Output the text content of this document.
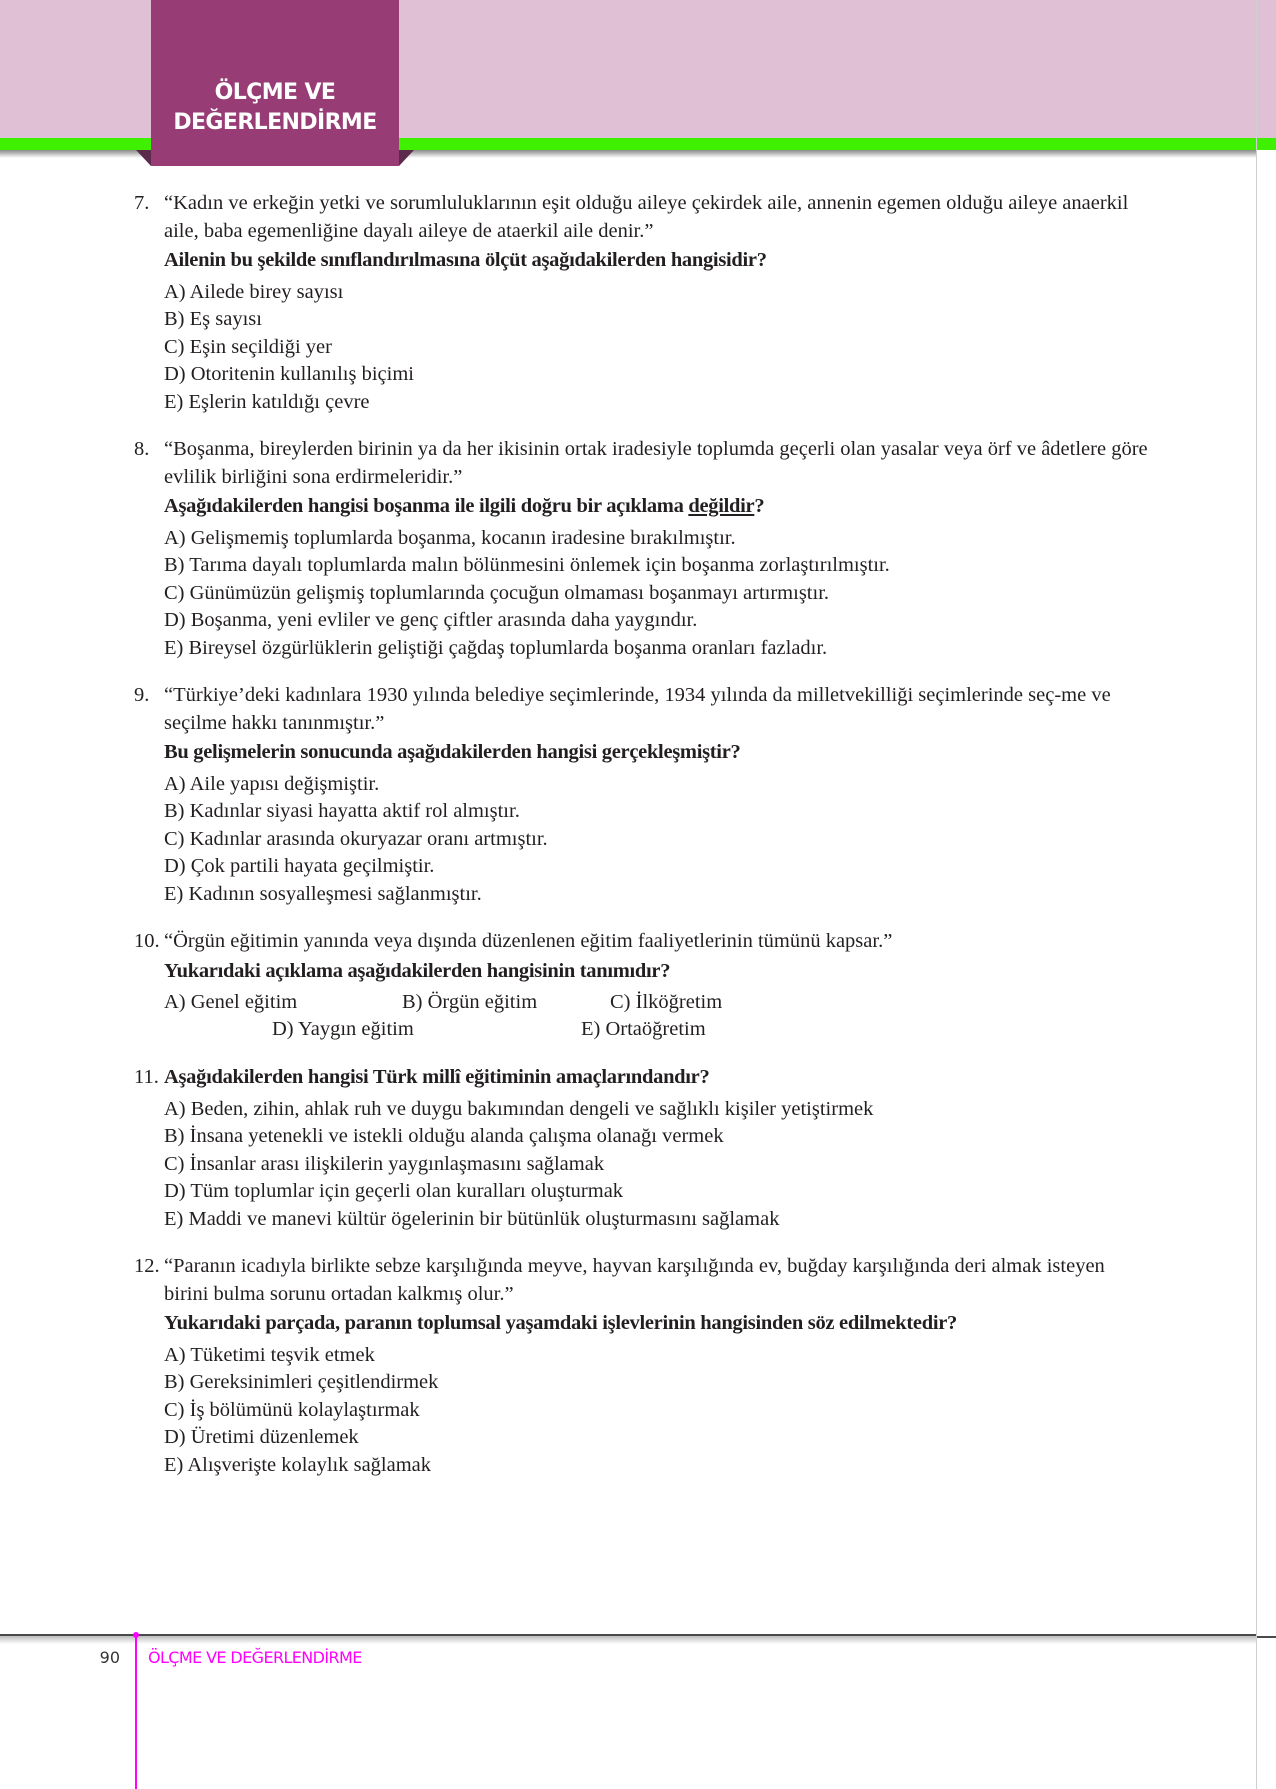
ÖLÇME VE
DEĞERLENDİRME
7. “Kadın ve erkeğin yetki ve sorumluluklarının eşit olduğu aileye çekirdek aile, annenin egemen olduğu aileye anaerkil aile, baba egemenliğine dayalı aileye de ataerkil aile denir.”
Ailenin bu şekilde sınıflandırılmasına ölçüt aşağıdakilerden hangisidir?
A) Ailede birey sayısı
B) Eş sayısı
C) Eşin seçildiği yer
D) Otoritenin kullanılış biçimi
E) Eşlerin katıldığı çevre
8. “Boşanma, bireylerden birinin ya da her ikisinin ortak iradesiyle toplumda geçerli olan yasalar veya örf ve âdetlere göre evlilik birliğini sona erdirmeleridir.”
Aşağıdakilerden hangisi boşanma ile ilgili doğru bir açıklama değildir?
A) Gelişmemiş toplumlarda boşanma, kocanın iradesine bırakılmıştır.
B) Tarıma dayalı toplumlarda malın bölünmesini önlemek için boşanma zorlaştırılmıştır.
C) Günümüzün gelişmiş toplumlarında çocuğun olmaması boşanmayı artırmıştır.
D) Boşanma, yeni evliler ve genç çiftler arasında daha yaygındır.
E) Bireysel özgürlüklerin geliştiği çağdaş toplumlarda boşanma oranları fazladır.
9. “Türkiye’deki kadınlara 1930 yılında belediye seçimlerinde, 1934 yılında da milletvekilliği seçimlerinde seç-me ve seçilme hakkı tanınmıştır.”
Bu gelişmelerin sonucunda aşağıdakilerden hangisi gerçekleşmiştir?
A) Aile yapısı değişmiştir.
B) Kadınlar siyasi hayatta aktif rol almıştır.
C) Kadınlar arasında okuryazar oranı artmıştır.
D) Çok partili hayata geçilmiştir.
E) Kadının sosyalleşmesi sağlanmıştır.
10. “Örgün eğitimin yanında veya dışında düzenlenen eğitim faaliyetlerinin tümünü kapsar.”
Yukarıdaki açıklama aşağıdakilerden hangisinin tanımıdır?
A) Genel eğitim	B) Örgün eğitim	C) İlköğretim
D) Yaygın eğitim	E) Ortaöğretim
11. Aşağıdakilerden hangisi Türk millî eğitiminin amaçlarındandır?
A) Beden, zihin, ahlak ruh ve duygu bakımından dengeli ve sağlıklı kişiler yetiştirmek
B) İnsana yetenekli ve istekli olduğu alanda çalışma olanağı vermek
C) İnsanlar arası ilişkilerin yaygınlaşmasını sağlamak
D) Tüm toplumlar için geçerli olan kuralları oluşturmak
E) Maddi ve manevi kültür ögelerinin bir bütünlük oluşturmasını sağlamak
12. “Paranın icadıyla birlikte sebze karşılığında meyve, hayvan karşılığında ev, buğday karşılığında deri almak isteyen birini bulma sorunu ortadan kalkmış olur.”
Yukarıdaki parçada, paranın toplumsal yaşamdaki işlevlerinin hangisinden söz edilmektedir?
A) Tüketimi teşvik etmek
B) Gereksinimleri çeşitlendirmek
C) İş bölümünü kolaylaştırmak
D) Üretimi düzenlemek
E) Alışverişte kolaylık sağlamak
90 ÖLÇME VE DEĞERLENDİRME
